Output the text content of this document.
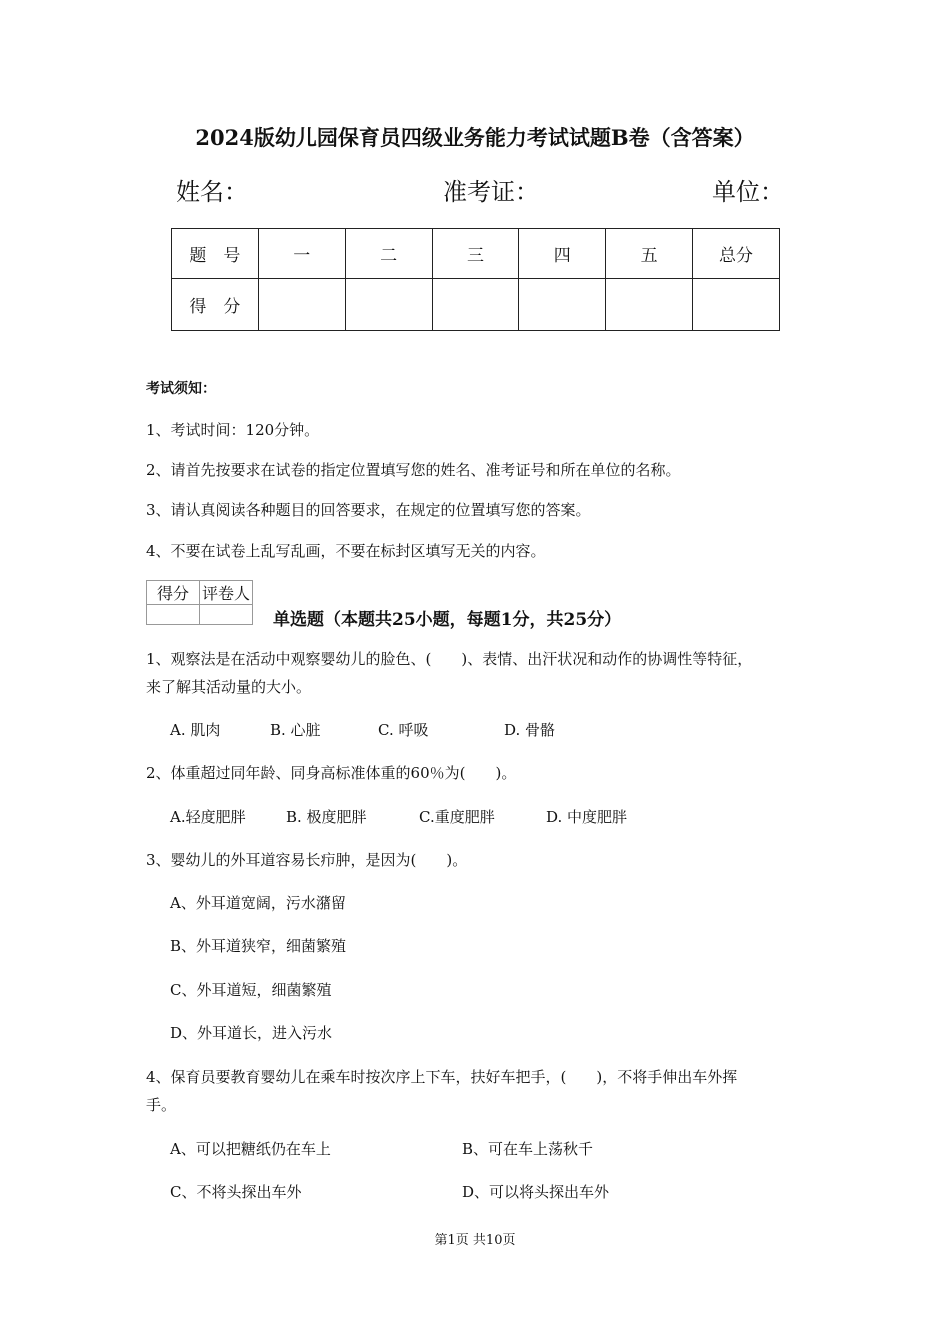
2024版幼儿园保育员四级业务能力考试试题B卷（含答案）
姓名：	准考证：	单位：
题　号	一	二	三	四	五	总分
得　分						
考试须知：
1、考试时间：120分钟。
2、请首先按要求在试卷的指定位置填写您的姓名、准考证号和所在单位的名称。
3、请认真阅读各种题目的回答要求，在规定的位置填写您的答案。
4、不要在试卷上乱写乱画，不要在标封区填写无关的内容。
得分	评卷人

单选题（本题共25小题，每题1分，共25分）
1、观察法是在活动中观察婴幼儿的脸色、(　　)、表情、出汗状况和动作的协调性等特征，
来了解其活动量的大小。
A. 肌肉	B. 心脏	C. 呼吸	D. 骨骼
2、体重超过同年龄、同身高标准体重的60％为(　　)。
A.轻度肥胖	B. 极度肥胖	C.重度肥胖	D. 中度肥胖
3、婴幼儿的外耳道容易长疖肿，是因为(　　)。
A、外耳道宽阔，污水潴留
B、外耳道狭窄，细菌繁殖
C、外耳道短，细菌繁殖
D、外耳道长，进入污水
4、保育员要教育婴幼儿在乘车时按次序上下车，扶好车把手，(　　)，不将手伸出车外挥
手。
A、可以把糖纸仍在车上	B、可在车上荡秋千
C、不将头探出车外	D、可以将头探出车外
第1页 共10页
